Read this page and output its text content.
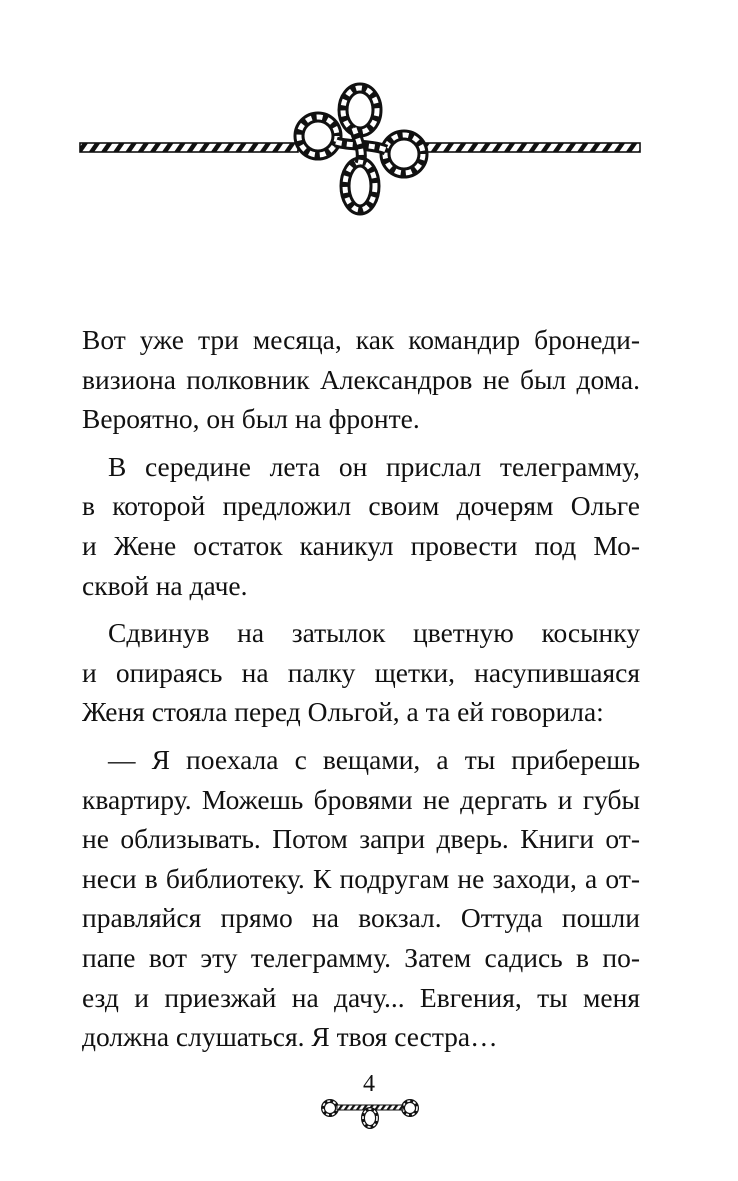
Вот уже три месяца, как командир бронеди-
визиона полковник Александров не был дома.
Вероятно, он был на фронте.
В середине лета он прислал телеграмму,
в которой предложил своим дочерям Ольге
и Жене остаток каникул провести под Мо-
сквой на даче.
Сдвинув на затылок цветную косынку
и опираясь на палку щетки, насупившаяся
Женя стояла перед Ольгой, а та ей говорила:
— Я поехала с вещами, а ты приберешь
квартиру. Можешь бровями не дергать и губы
не облизывать. Потом запри дверь. Книги от-
неси в библиотеку. К подругам не заходи, а от-
правляйся прямо на вокзал. Оттуда пошли
папе вот эту телеграмму. Затем садись в по-
езд и приезжай на дачу... Евгения, ты меня
должна слушаться. Я твоя сестра…
4
